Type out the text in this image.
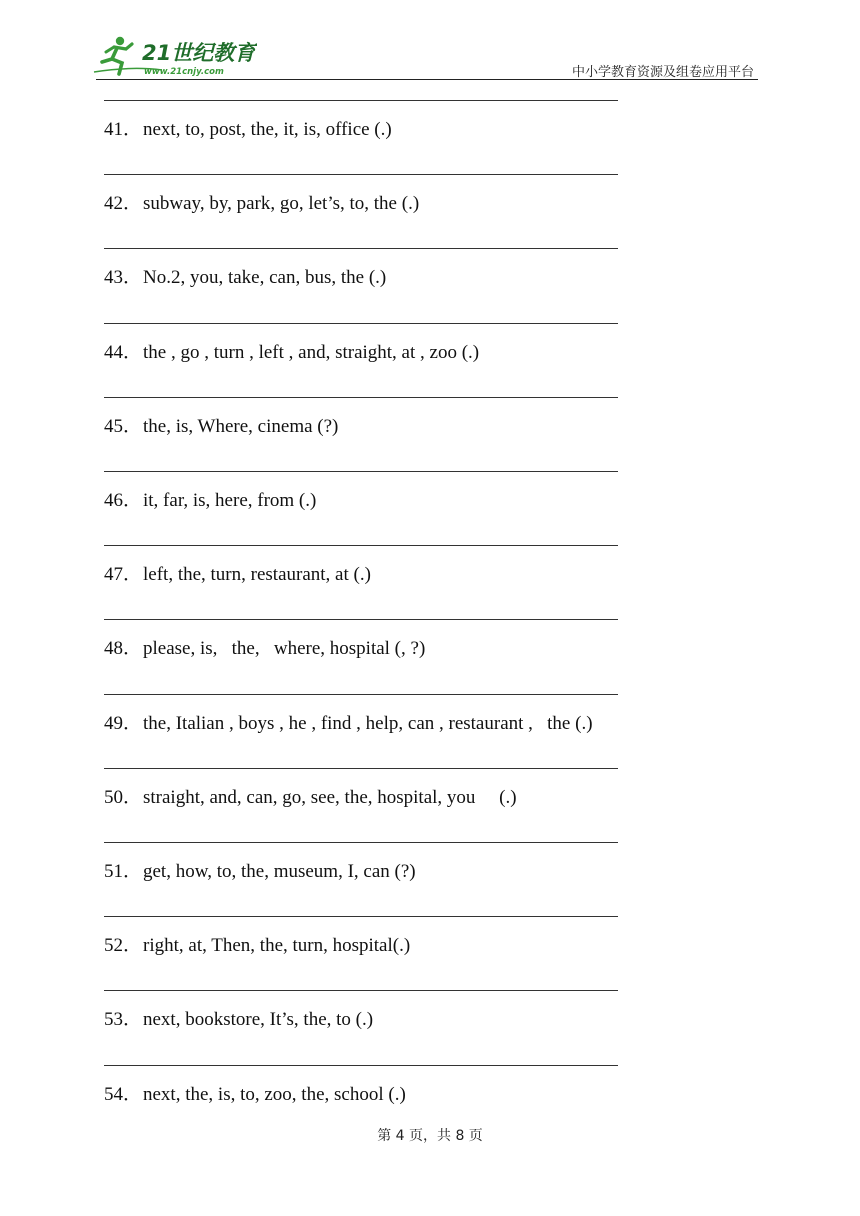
21世纪教育
www.21cnjy.com	中小学教育资源及组卷应用平台
41．next, to, post, the, it, is, office (.)
42．subway, by, park, go, let’s, to, the (.)
43．No.2, you, take, can, bus, the (.)
44．the , go , turn , left , and, straight, at , zoo (.)
45．the, is, Where, cinema (?)
46．it, far, is, here, from (.)
47．left, the, turn, restaurant, at (.)
48．please, is,   the,   where, hospital (, ?)
49．the, Italian , boys , he , find , help, can , restaurant ,   the (.)
50．straight, and, can, go, see, the, hospital, you     (.)
51．get, how, to, the, museum, I, can (?)
52．right, at, Then, the, turn, hospital(.)
53．next, bookstore, It’s, the, to (.)
54．next, the, is, to, zoo, the, school (.)
第 4 页，共 8 页
